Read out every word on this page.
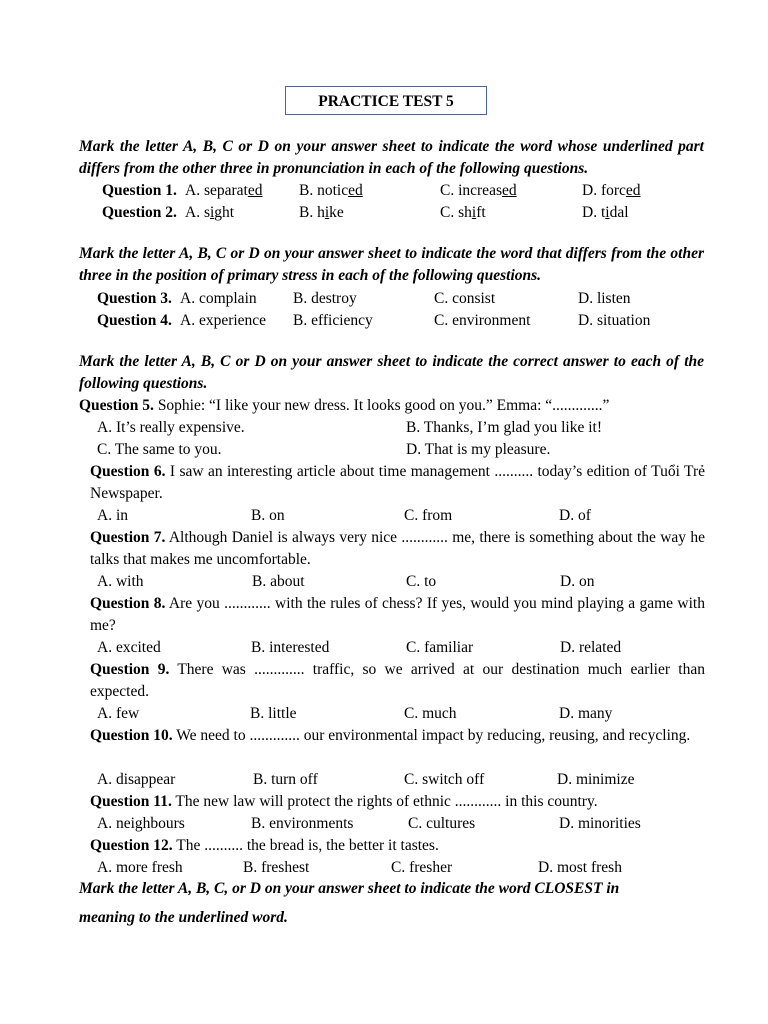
PRACTICE TEST 5
Mark the letter A, B, C or D on your answer sheet to indicate the word whose underlined part differs from the other three in pronunciation in each of the following questions.
Question 1. A. separated B. noticed	C. increased	D. forced
Question 2. A. sight	B. hike	C. shift	D. tidal
Mark the letter A, B, C or D on your answer sheet to indicate the word that differs from the other three in the position of primary stress in each of the following questions.
Question 3. A. complain B. destroy	C. consist	D. listen
Question 4. A. experience B. efficiency	C. environment	D. situation
Mark the letter A, B, C or D on your answer sheet to indicate the correct answer to each of the following questions.
Question 5. Sophie: “I like your new dress. It looks good on you.” Emma: “.............”
A. It’s really expensive.	B. Thanks, I’m glad you like it!
C. The same to you.	D. That is my pleasure.
Question 6. I saw an interesting article about time management .......... today’s edition of Tuổi Trẻ Newspaper.
A. in	B. on	C. from	D. of
Question 7. Although Daniel is always very nice ............ me, there is something about the way he talks that makes me uncomfortable.
A. with	B. about	C. to	D. on
Question 8. Are you ............ with the rules of chess? If yes, would you mind playing a game with me?
A. excited	B. interested	C. familiar	D. related
Question 9. There was ............. traffic, so we arrived at our destination much earlier than expected.
A. few	B. little	C. much	D. many
Question 10. We need to ............. our environmental impact by reducing, reusing, and recycling.
A. disappear	B. turn off	C. switch off	D. minimize
Question 11. The new law will protect the rights of ethnic ............ in this country.
A. neighbours	B. environments	C. cultures	D. minorities
Question 12. The .......... the bread is, the better it tastes.
A. more fresh	B. freshest	C. fresher	D. most fresh
Mark the letter A, B, C, or D on your answer sheet to indicate the word CLOSEST in
meaning to the underlined word.
